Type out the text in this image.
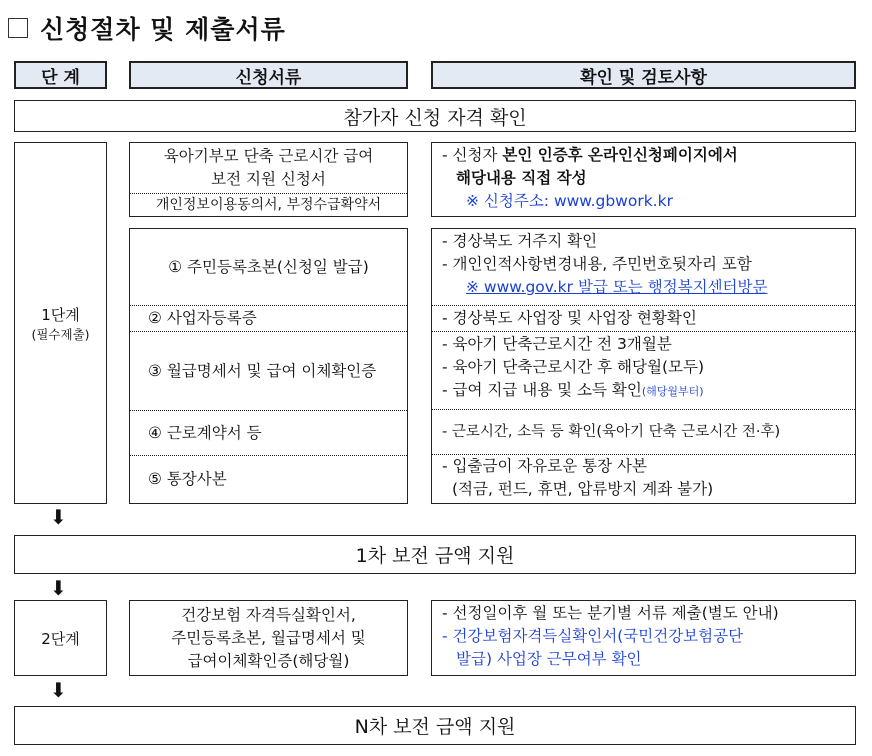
신청절차 및 제출서류
단 계	신청서류	확인 및 검토사항
참가자 신청 자격 확인
1단계
(필수제출)
육아기부모 단축 근로시간 급여
보전 지원 신청서
개인정보이용동의서, 부정수급확약서
- 신청자 본인 인증후 온라인신청페이지에서
해당내용 직접 작성
※ 신청주소: www.gbwork.kr
① 주민등록초본(신청일 발급)
② 사업자등록증
③ 월급명세서 및 급여 이체확인증
④ 근로계약서 등
⑤ 통장사본
- 경상북도 거주지 확인
- 개인인적사항변경내용, 주민번호뒷자리 포함
※ www.gov.kr 발급 또는 행정복지센터방문
- 경상북도 사업장 및 사업장 현황확인
- 육아기 단축근로시간 전 3개월분
- 육아기 단축근로시간 후 해당월(모두)
- 급여 지급 내용 및 소득 확인(해당월부터)
- 근로시간, 소득 등 확인(육아기 단축 근로시간 전·후)
- 입출금이 자유로운 통장 사본
(적금, 펀드, 휴면, 압류방지 계좌 불가)
⬇
1차 보전 금액 지원
⬇
2단계
건강보험 자격득실확인서,
주민등록초본, 월급명세서 및
급여이체확인증(해당월)
- 선정일이후 월 또는 분기별 서류 제출(별도 안내)
- 건강보험자격득실확인서(국민건강보험공단
발급) 사업장 근무여부 확인
⬇
N차 보전 금액 지원
